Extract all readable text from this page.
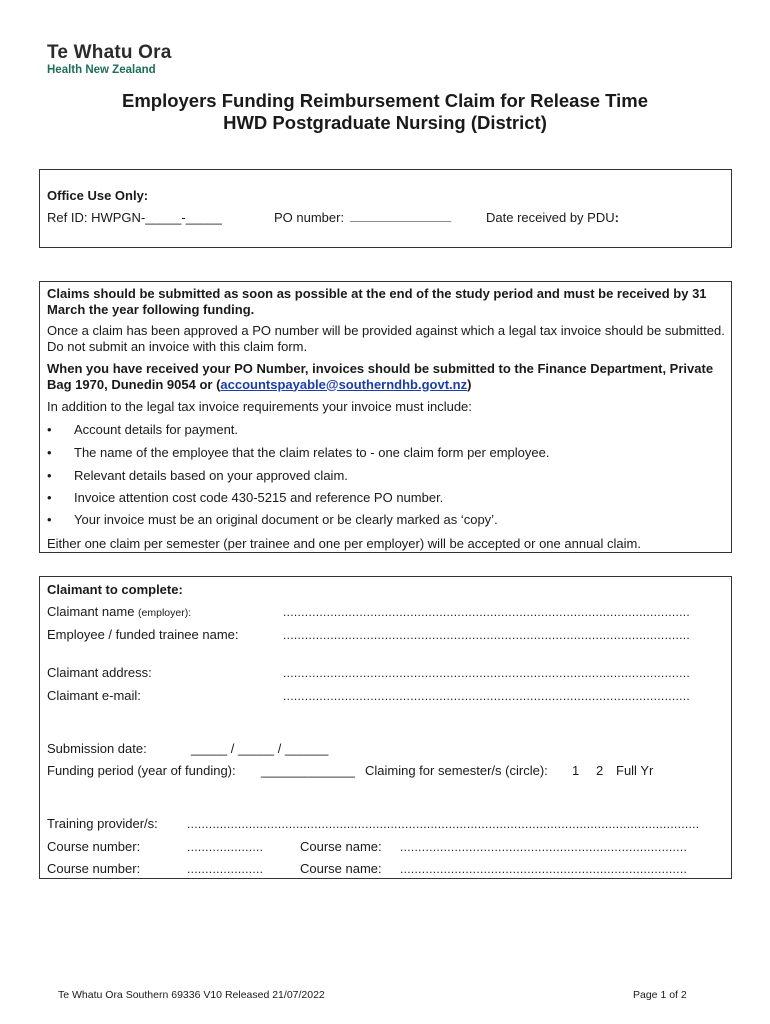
Te Whatu Ora
Health New Zealand
Employers Funding Reimbursement Claim for Release Time
HWD Postgraduate Nursing (District)
Office Use Only:
Ref ID: HWPGN-_____-_____	PO number: ______________	Date received by PDU:
Claims should be submitted as soon as possible at the end of the study period and must be received by 31 March the year following funding.
Once a claim has been approved a PO number will be provided against which a legal tax invoice should be submitted. Do not submit an invoice with this claim form.
When you have received your PO Number, invoices should be submitted to the Finance Department, Private Bag 1970, Dunedin 9054 or (accountspayable@southerndhb.govt.nz)
In addition to the legal tax invoice requirements your invoice must include:
• Account details for payment.
• The name of the employee that the claim relates to - one claim form per employee.
• Relevant details based on your approved claim.
• Invoice attention cost code 430-5215 and reference PO number.
• Your invoice must be an original document or be clearly marked as ‘copy’.
Either one claim per semester (per trainee and one per employer) will be accepted or one annual claim.
Claimant to complete:
Claimant name (employer):	................................................................................................................
Employee / funded trainee name:	................................................................................................................
Claimant address:	................................................................................................................
Claimant e-mail:	................................................................................................................
Submission date:	_____ / _____ / ______
Funding period (year of funding): _____________ Claiming for semester/s (circle): 1 2 Full Yr
Training provider/s: .............................................................................................................................................
Course number:	.....................	Course name: ...............................................................................
Course number:	.....................	Course name: ...............................................................................
Te Whatu Ora Southern 69336 V10 Released 21/07/2022	Page 1 of 2
